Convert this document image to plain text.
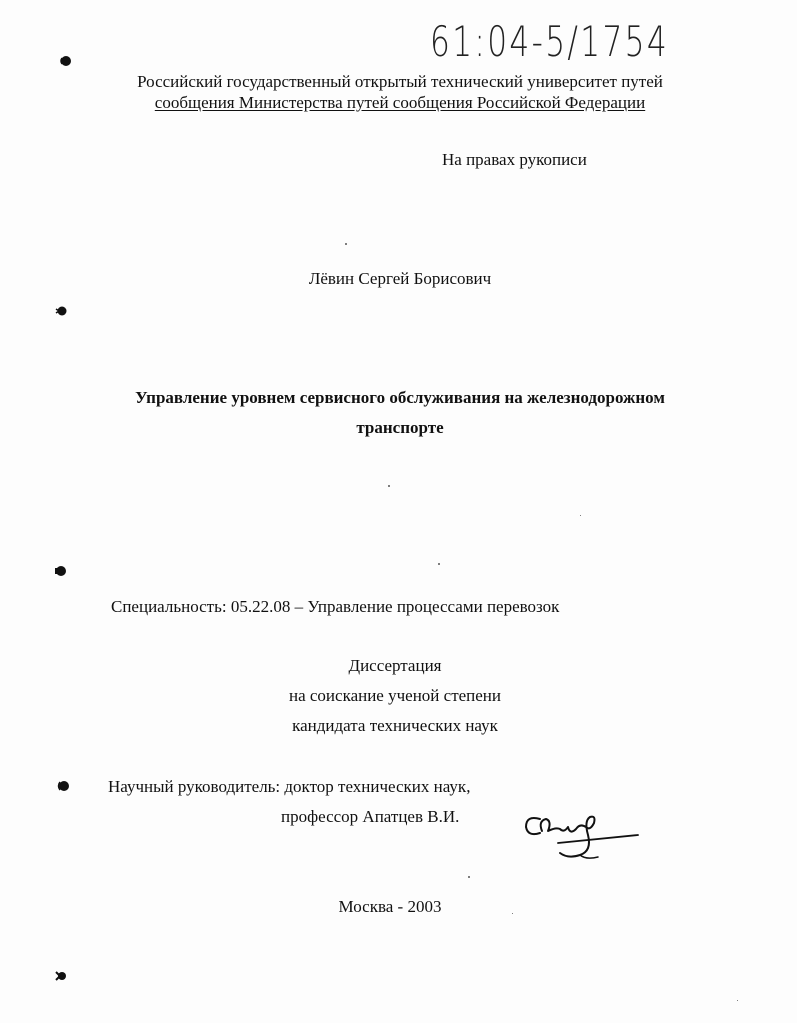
61:04-5/1754
Российский государственный открытый технический университет путей
сообщения Министерства путей сообщения Российской Федерации
На правах рукописи
Лёвин Сергей Борисович
Управление уровнем сервисного обслуживания на железнодорожном
транспорте
Специальность: 05.22.08 – Управление процессами перевозок
Диссертация
на соискание ученой степени
кандидата технических наук
Научный руководитель: доктор технических наук,
профессор Апатцев В.И.
Москва - 2003
